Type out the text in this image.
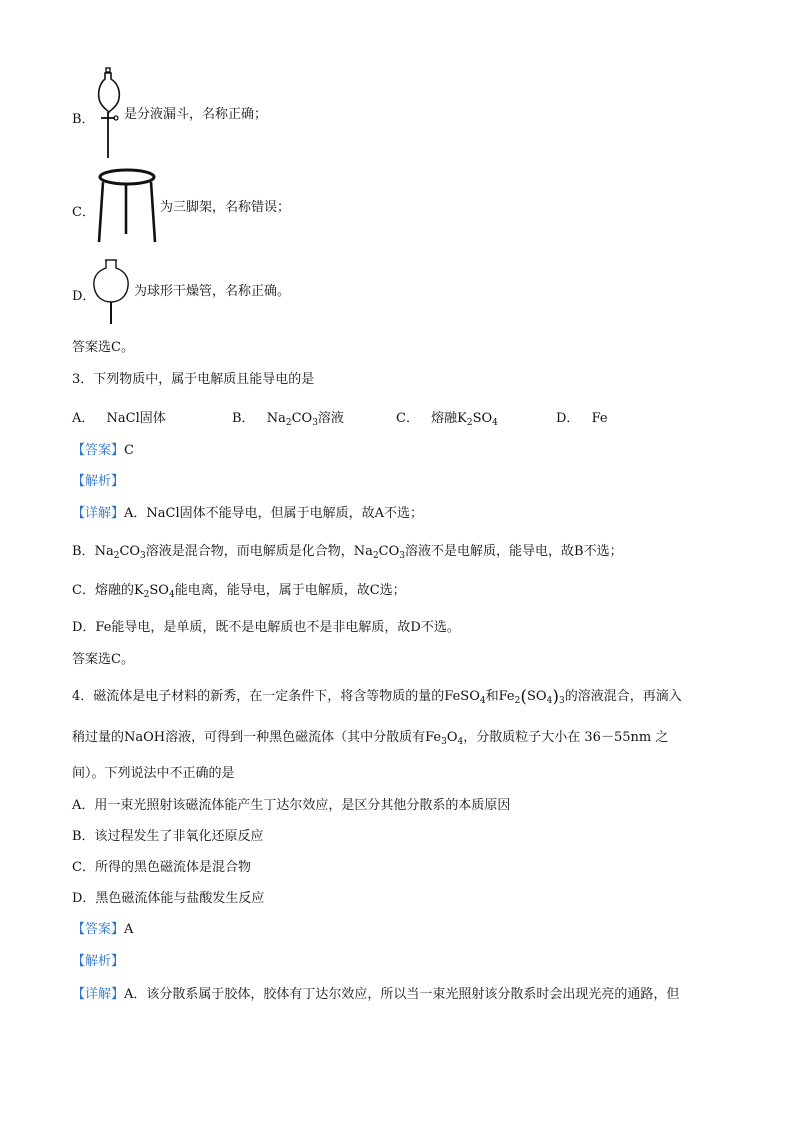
B． 是分液漏斗，名称正确；
C．	为三脚架，名称错误；
D．	为球形干燥管，名称正确。
答案选C。
3．下列物质中，属于电解质且能导电的是
A． NaCl固体	B． $Na_2CO_3$溶液	C． 熔融$K_2SO_4$	D． Fe
【答案】C
【解析】
【详解】A．NaCl固体不能导电，但属于电解质，故A不选；
B．$Na_2CO_3$溶液是混合物，而电解质是化合物，$Na_2CO_3$溶液不是电解质，能导电，故B不选；
C．熔融的$K_2SO_4$能电离，能导电，属于电解质，故C选；
D．Fe能导电，是单质，既不是电解质也不是非电解质，故D不选。
答案选C。
4．磁流体是电子材料的新秀，在一定条件下，将含等物质的量的FeSO$_4$和$Fe_2(SO_4)_3$的溶液混合，再滴入
稍过量的NaOH溶液，可得到一种黑色磁流体（其中分散质有$Fe_3O_4$，分散质粒子大小在 36－55nm 之
间）。下列说法中不正确的是
A．用一束光照射该磁流体能产生丁达尔效应，是区分其他分散系的本质原因
B．该过程发生了非氧化还原反应
C．所得的黑色磁流体是混合物
D．黑色磁流体能与盐酸发生反应
【答案】A
【解析】
【详解】A．该分散系属于胶体，胶体有丁达尔效应，所以当一束光照射该分散系时会出现光亮的通路，但
